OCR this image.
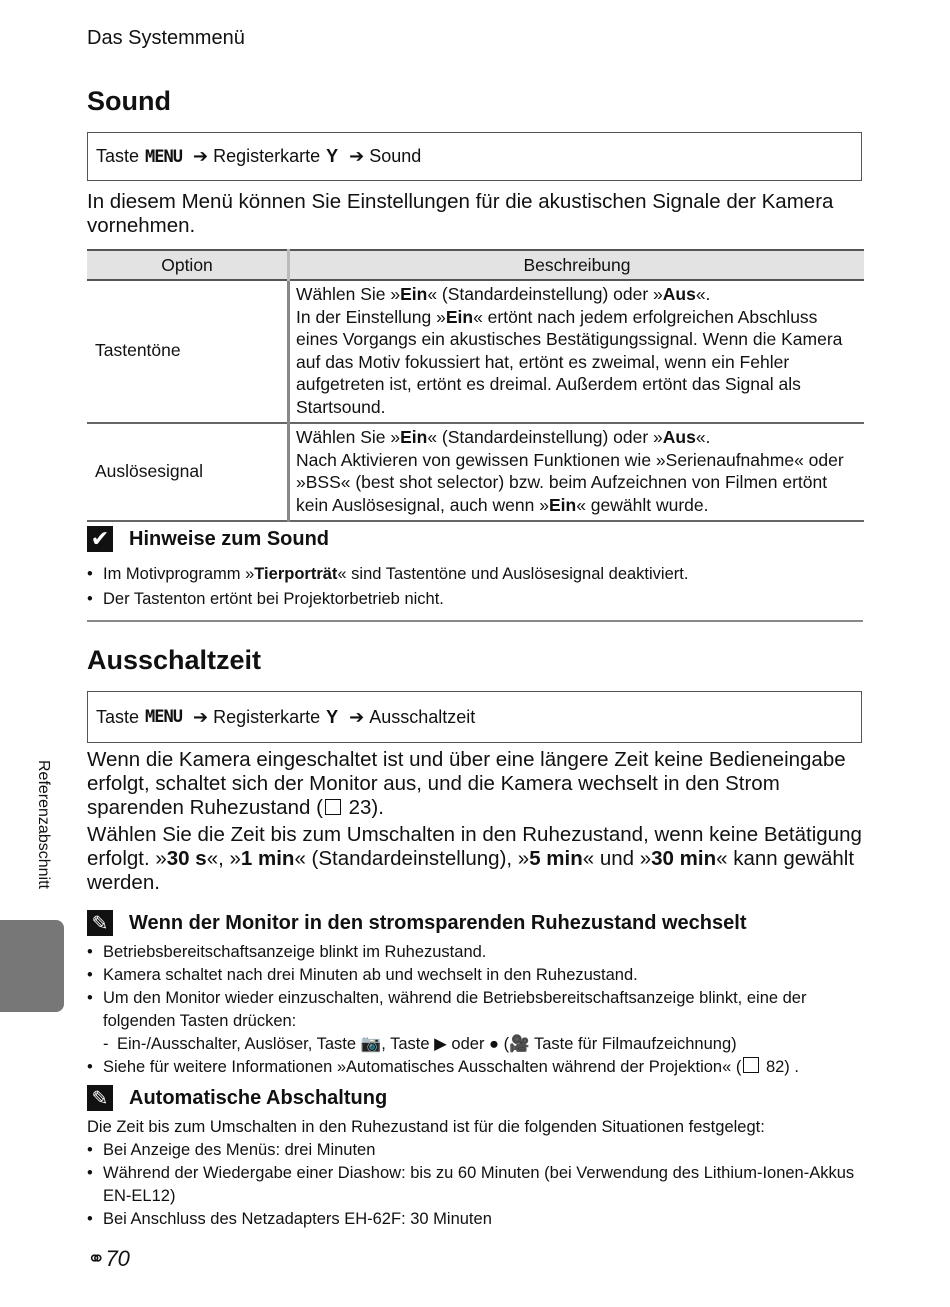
Das Systemmenü
Sound
Taste MENU ➔ Registerkarte Y ➔ Sound
In diesem Menü können Sie Einstellungen für die akustischen Signale der Kamera vornehmen.
Option	Beschreibung
Tastentöne	Wählen Sie »Ein« (Standardeinstellung) oder »Aus«.
In der Einstellung »Ein« ertönt nach jedem erfolgreichen Abschluss eines Vorgangs ein akustisches Bestätigungssignal. Wenn die Kamera auf das Motiv fokussiert hat, ertönt es zweimal, wenn ein Fehler aufgetreten ist, ertönt es dreimal. Außerdem ertönt das Signal als Startsound.
Auslösesignal	Wählen Sie »Ein« (Standardeinstellung) oder »Aus«.
Nach Aktivieren von gewissen Funktionen wie »Serienaufnahme« oder »BSS« (best shot selector) bzw. beim Aufzeichnen von Filmen ertönt kein Auslösesignal, auch wenn »Ein« gewählt wurde.
✔ Hinweise zum Sound
• Im Motivprogramm »Tierporträt« sind Tastentöne und Auslösesignal deaktiviert.
• Der Tastenton ertönt bei Projektorbetrieb nicht.
Ausschaltzeit
Taste MENU ➔ Registerkarte Y ➔ Ausschaltzeit
Wenn die Kamera eingeschaltet ist und über eine längere Zeit keine Bedieneingabe erfolgt, schaltet sich der Monitor aus, und die Kamera wechselt in den Strom sparenden Ruhezustand ( 23).
Wählen Sie die Zeit bis zum Umschalten in den Ruhezustand, wenn keine Betätigung erfolgt. »30 s«, »1 min« (Standardeinstellung), »5 min« und »30 min« kann gewählt werden.
✎ Wenn der Monitor in den stromsparenden Ruhezustand wechselt
• Betriebsbereitschaftsanzeige blinkt im Ruhezustand.
• Kamera schaltet nach drei Minuten ab und wechselt in den Ruhezustand.
• Um den Monitor wieder einzuschalten, während die Betriebsbereitschaftsanzeige blinkt, eine der folgenden Tasten drücken:
- Ein-/Ausschalter, Auslöser, Taste 📷, Taste ▶ oder ● (🎥 Taste für Filmaufzeichnung)
• Siehe für weitere Informationen »Automatisches Ausschalten während der Projektion« ( 82) .
✎ Automatische Abschaltung
Die Zeit bis zum Umschalten in den Ruhezustand ist für die folgenden Situationen festgelegt:
• Bei Anzeige des Menüs: drei Minuten
• Während der Wiedergabe einer Diashow: bis zu 60 Minuten (bei Verwendung des Lithium-Ionen-Akkus EN-EL12)
• Bei Anschluss des Netzadapters EH-62F: 30 Minuten
Referenzabschnitt
⚭70
